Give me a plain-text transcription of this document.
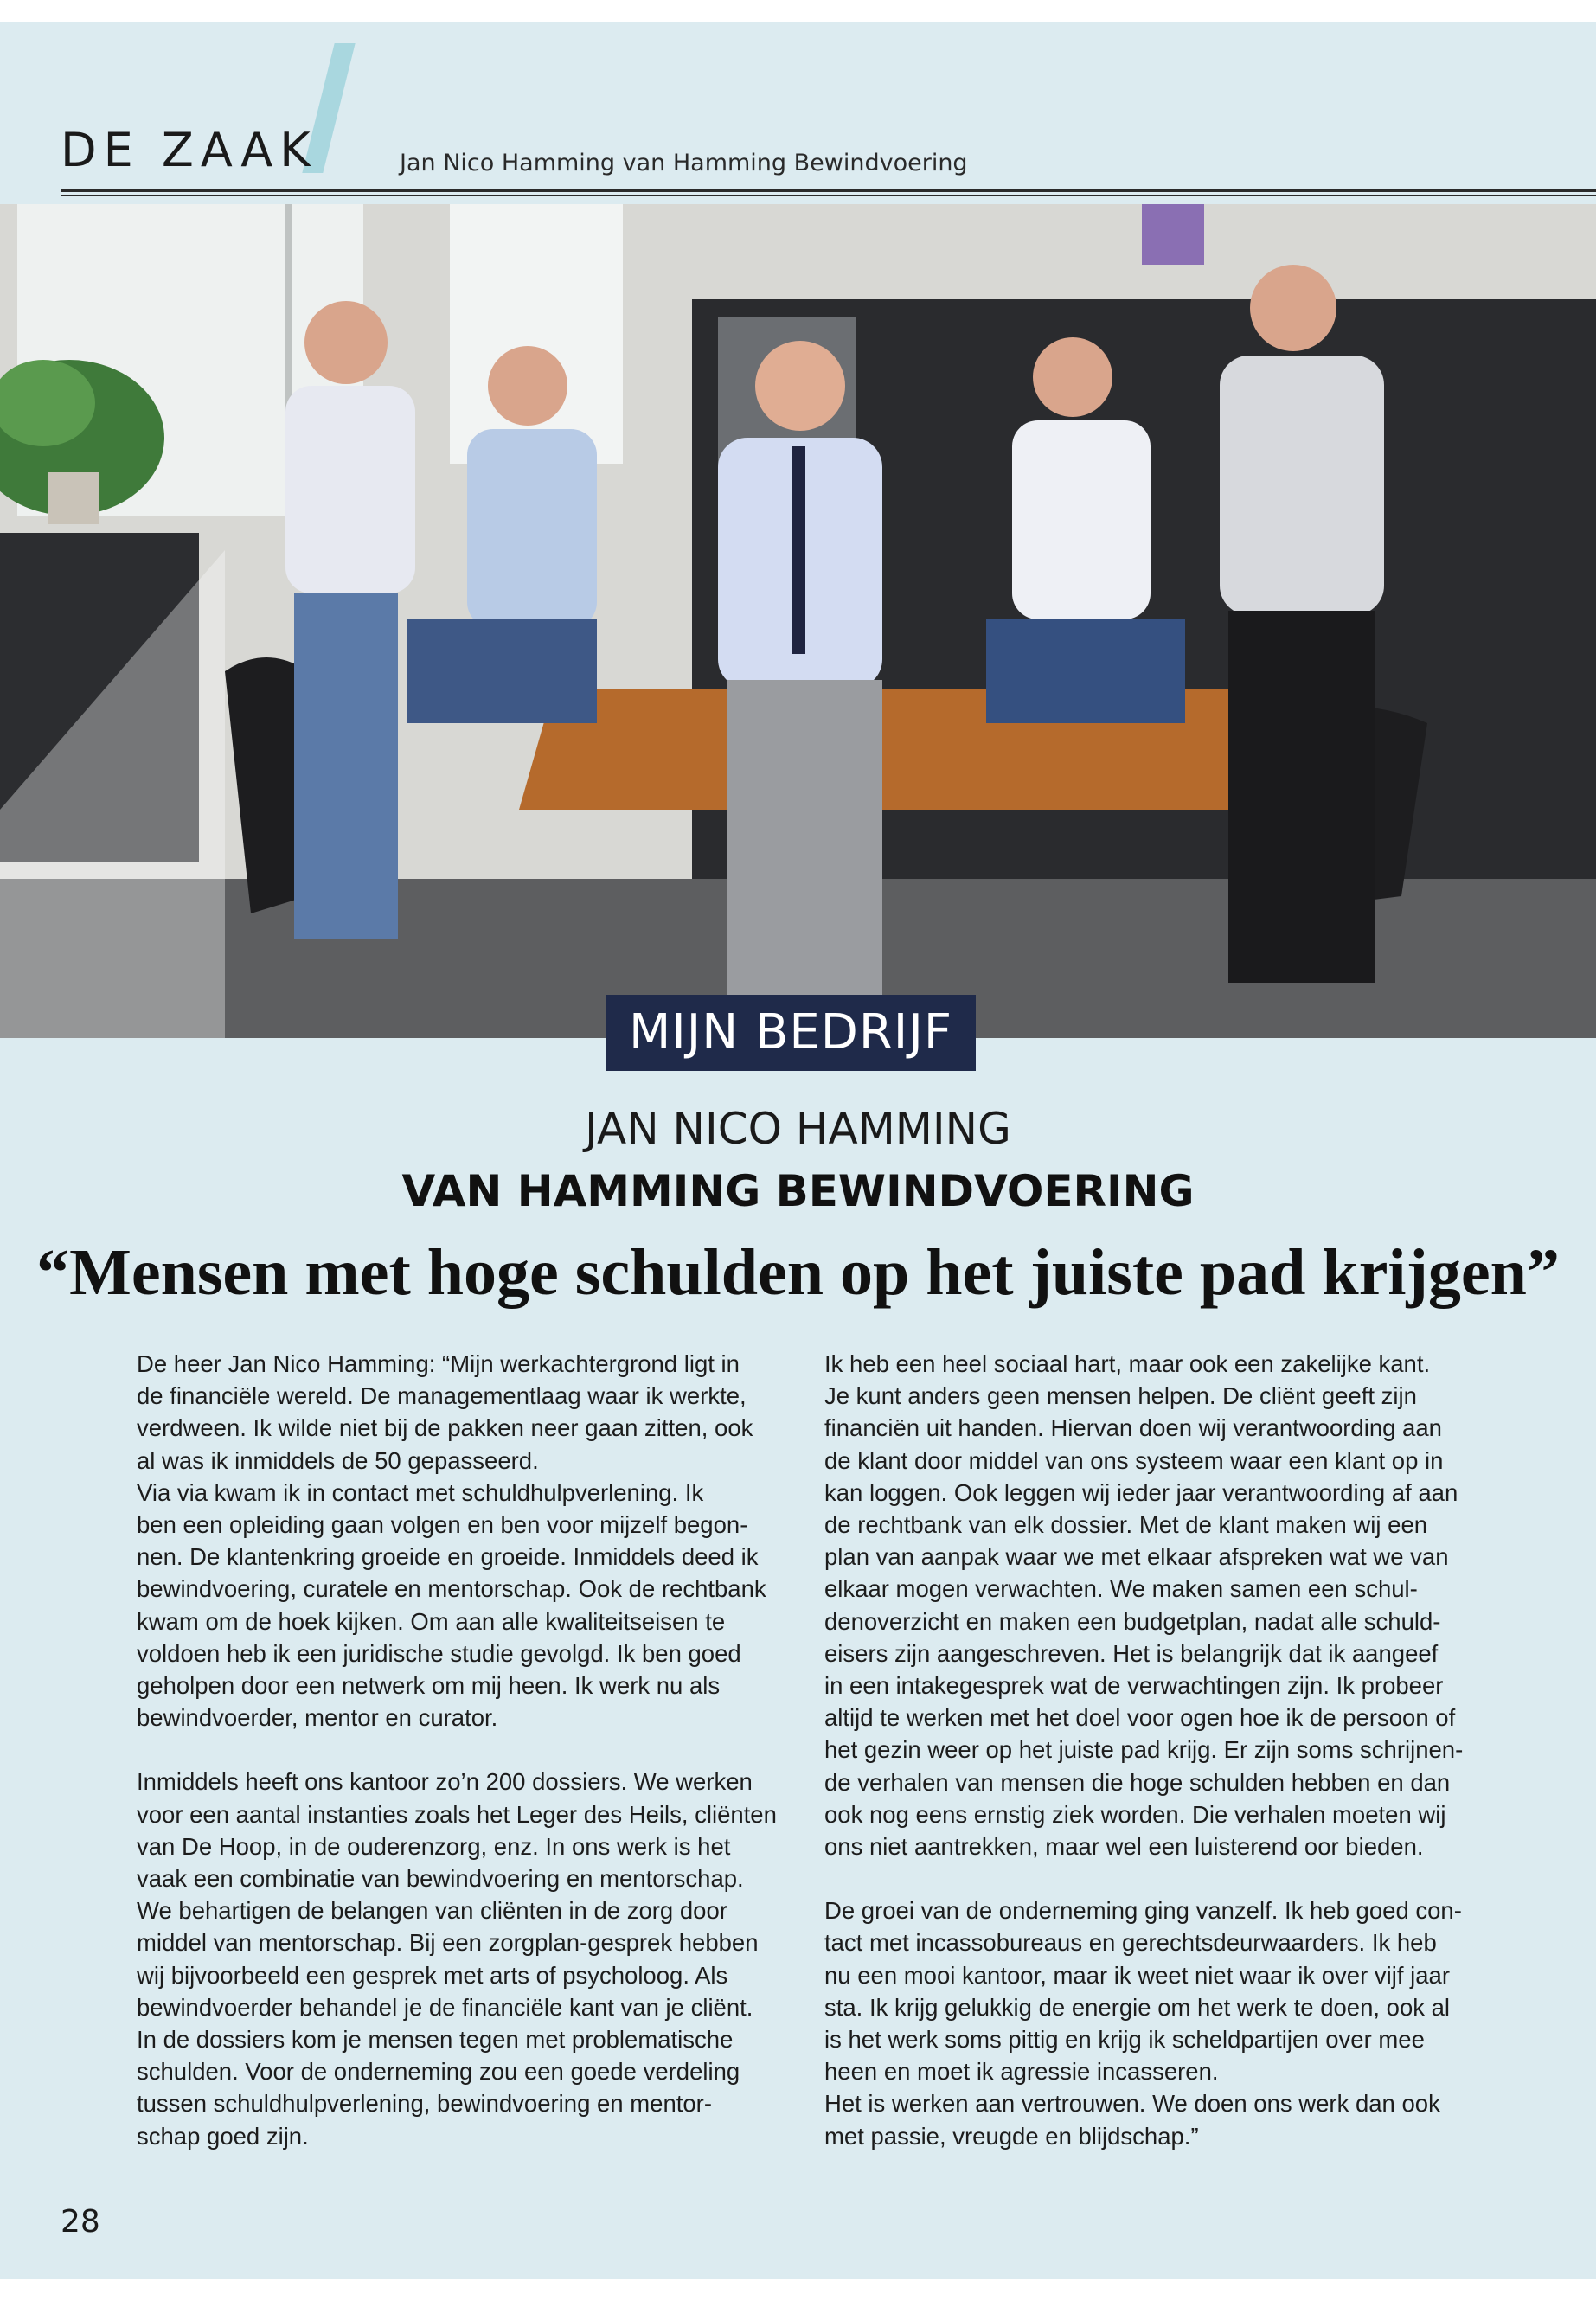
DE ZAAK	Jan Nico Hamming van Hamming Bewindvoering
MIJN BEDRIJF
JAN NICO HAMMING
VAN HAMMING BEWINDVOERING
“Mensen met hoge schulden op het juiste pad krijgen”

De heer Jan Nico Hamming: “Mijn werkachtergrond ligt in
de financiële wereld. De managementlaag waar ik werkte,
verdween. Ik wilde niet bij de pakken neer gaan zitten, ook
al was ik inmiddels de 50 gepasseerd.
Via via kwam ik in contact met schuldhulpverlening. Ik
ben een opleiding gaan volgen en ben voor mijzelf begon-
nen. De klantenkring groeide en groeide. Inmiddels deed ik
bewindvoering, curatele en mentorschap. Ook de rechtbank
kwam om de hoek kijken. Om aan alle kwaliteitseisen te
voldoen heb ik een juridische studie gevolgd. Ik ben goed
geholpen door een netwerk om mij heen. Ik werk nu als
bewindvoerder, mentor en curator.

Inmiddels heeft ons kantoor zo’n 200 dossiers. We werken
voor een aantal instanties zoals het Leger des Heils, cliënten
van De Hoop, in de ouderenzorg, enz. In ons werk is het
vaak een combinatie van bewindvoering en mentorschap.
We behartigen de belangen van cliënten in de zorg door
middel van mentorschap. Bij een zorgplan-gesprek hebben
wij bijvoorbeeld een gesprek met arts of psycholoog. Als
bewindvoerder behandel je de financiële kant van je cliënt.
In de dossiers kom je mensen tegen met problematische
schulden. Voor de onderneming zou een goede verdeling
tussen schuldhulpverlening, bewindvoering en mentor-
schap goed zijn.

Ik heb een heel sociaal hart, maar ook een zakelijke kant.
Je kunt anders geen mensen helpen. De cliënt geeft zijn
financiën uit handen. Hiervan doen wij verantwoording aan
de klant door middel van ons systeem waar een klant op in
kan loggen. Ook leggen wij ieder jaar verantwoording af aan
de rechtbank van elk dossier. Met de klant maken wij een
plan van aanpak waar we met elkaar afspreken wat we van
elkaar mogen verwachten. We maken samen een schul-
denoverzicht en maken een budgetplan, nadat alle schuld-
eisers zijn aangeschreven. Het is belangrijk dat ik aangeef
in een intakegesprek wat de verwachtingen zijn. Ik probeer
altijd te werken met het doel voor ogen hoe ik de persoon of
het gezin weer op het juiste pad krijg. Er zijn soms schrijnen-
de verhalen van mensen die hoge schulden hebben en dan
ook nog eens ernstig ziek worden. Die verhalen moeten wij
ons niet aantrekken, maar wel een luisterend oor bieden.

De groei van de onderneming ging vanzelf. Ik heb goed con-
tact met incassobureaus en gerechtsdeurwaarders. Ik heb
nu een mooi kantoor, maar ik weet niet waar ik over vijf jaar
sta. Ik krijg gelukkig de energie om het werk te doen, ook al
is het werk soms pittig en krijg ik scheldpartijen over mee
heen en moet ik agressie incasseren.
Het is werken aan vertrouwen. We doen ons werk dan ook
met passie, vreugde en blijdschap.”

28
